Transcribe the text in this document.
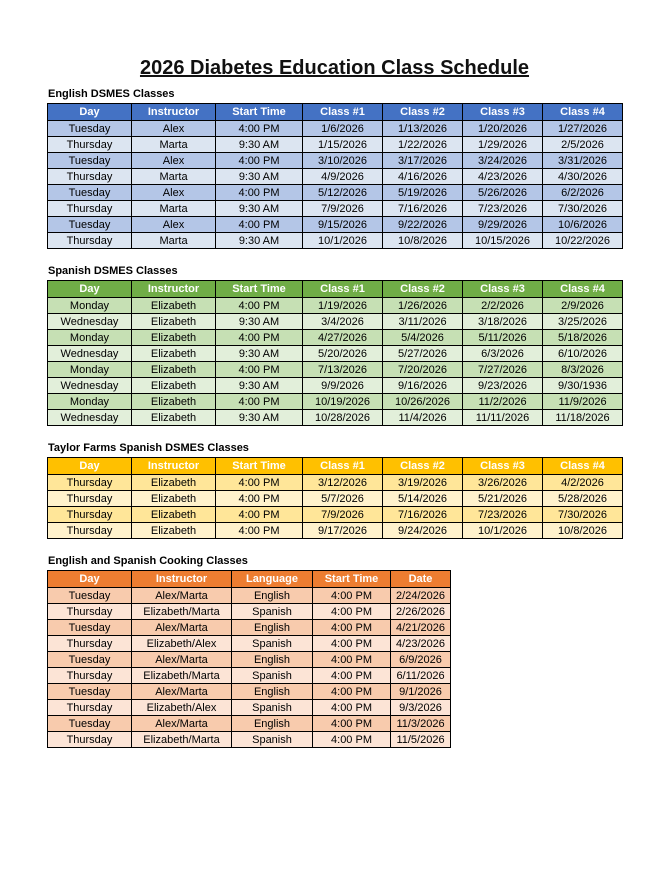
2026 Diabetes Education Class Schedule
English DSMES Classes
Day	Instructor	Start Time	Class #1	Class #2	Class #3	Class #4
Tuesday	Alex	4:00 PM	1/6/2026	1/13/2026	1/20/2026	1/27/2026
Thursday	Marta	9:30 AM	1/15/2026	1/22/2026	1/29/2026	2/5/2026
Tuesday	Alex	4:00 PM	3/10/2026	3/17/2026	3/24/2026	3/31/2026
Thursday	Marta	9:30 AM	4/9/2026	4/16/2026	4/23/2026	4/30/2026
Tuesday	Alex	4:00 PM	5/12/2026	5/19/2026	5/26/2026	6/2/2026
Thursday	Marta	9:30 AM	7/9/2026	7/16/2026	7/23/2026	7/30/2026
Tuesday	Alex	4:00 PM	9/15/2026	9/22/2026	9/29/2026	10/6/2026
Thursday	Marta	9:30 AM	10/1/2026	10/8/2026	10/15/2026	10/22/2026
Spanish DSMES Classes
Day	Instructor	Start Time	Class #1	Class #2	Class #3	Class #4
Monday	Elizabeth	4:00 PM	1/19/2026	1/26/2026	2/2/2026	2/9/2026
Wednesday	Elizabeth	9:30 AM	3/4/2026	3/11/2026	3/18/2026	3/25/2026
Monday	Elizabeth	4:00 PM	4/27/2026	5/4/2026	5/11/2026	5/18/2026
Wednesday	Elizabeth	9:30 AM	5/20/2026	5/27/2026	6/3/2026	6/10/2026
Monday	Elizabeth	4:00 PM	7/13/2026	7/20/2026	7/27/2026	8/3/2026
Wednesday	Elizabeth	9:30 AM	9/9/2026	9/16/2026	9/23/2026	9/30/1936
Monday	Elizabeth	4:00 PM	10/19/2026	10/26/2026	11/2/2026	11/9/2026
Wednesday	Elizabeth	9:30 AM	10/28/2026	11/4/2026	11/11/2026	11/18/2026
Taylor Farms Spanish DSMES Classes
Day	Instructor	Start Time	Class #1	Class #2	Class #3	Class #4
Thursday	Elizabeth	4:00 PM	3/12/2026	3/19/2026	3/26/2026	4/2/2026
Thursday	Elizabeth	4:00 PM	5/7/2026	5/14/2026	5/21/2026	5/28/2026
Thursday	Elizabeth	4:00 PM	7/9/2026	7/16/2026	7/23/2026	7/30/2026
Thursday	Elizabeth	4:00 PM	9/17/2026	9/24/2026	10/1/2026	10/8/2026
English and Spanish Cooking Classes
Day	Instructor	Language	Start Time	Date
Tuesday	Alex/Marta	English	4:00 PM	2/24/2026
Thursday	Elizabeth/Marta	Spanish	4:00 PM	2/26/2026
Tuesday	Alex/Marta	English	4:00 PM	4/21/2026
Thursday	Elizabeth/Alex	Spanish	4:00 PM	4/23/2026
Tuesday	Alex/Marta	English	4:00 PM	6/9/2026
Thursday	Elizabeth/Marta	Spanish	4:00 PM	6/11/2026
Tuesday	Alex/Marta	English	4:00 PM	9/1/2026
Thursday	Elizabeth/Alex	Spanish	4:00 PM	9/3/2026
Tuesday	Alex/Marta	English	4:00 PM	11/3/2026
Thursday	Elizabeth/Marta	Spanish	4:00 PM	11/5/2026
